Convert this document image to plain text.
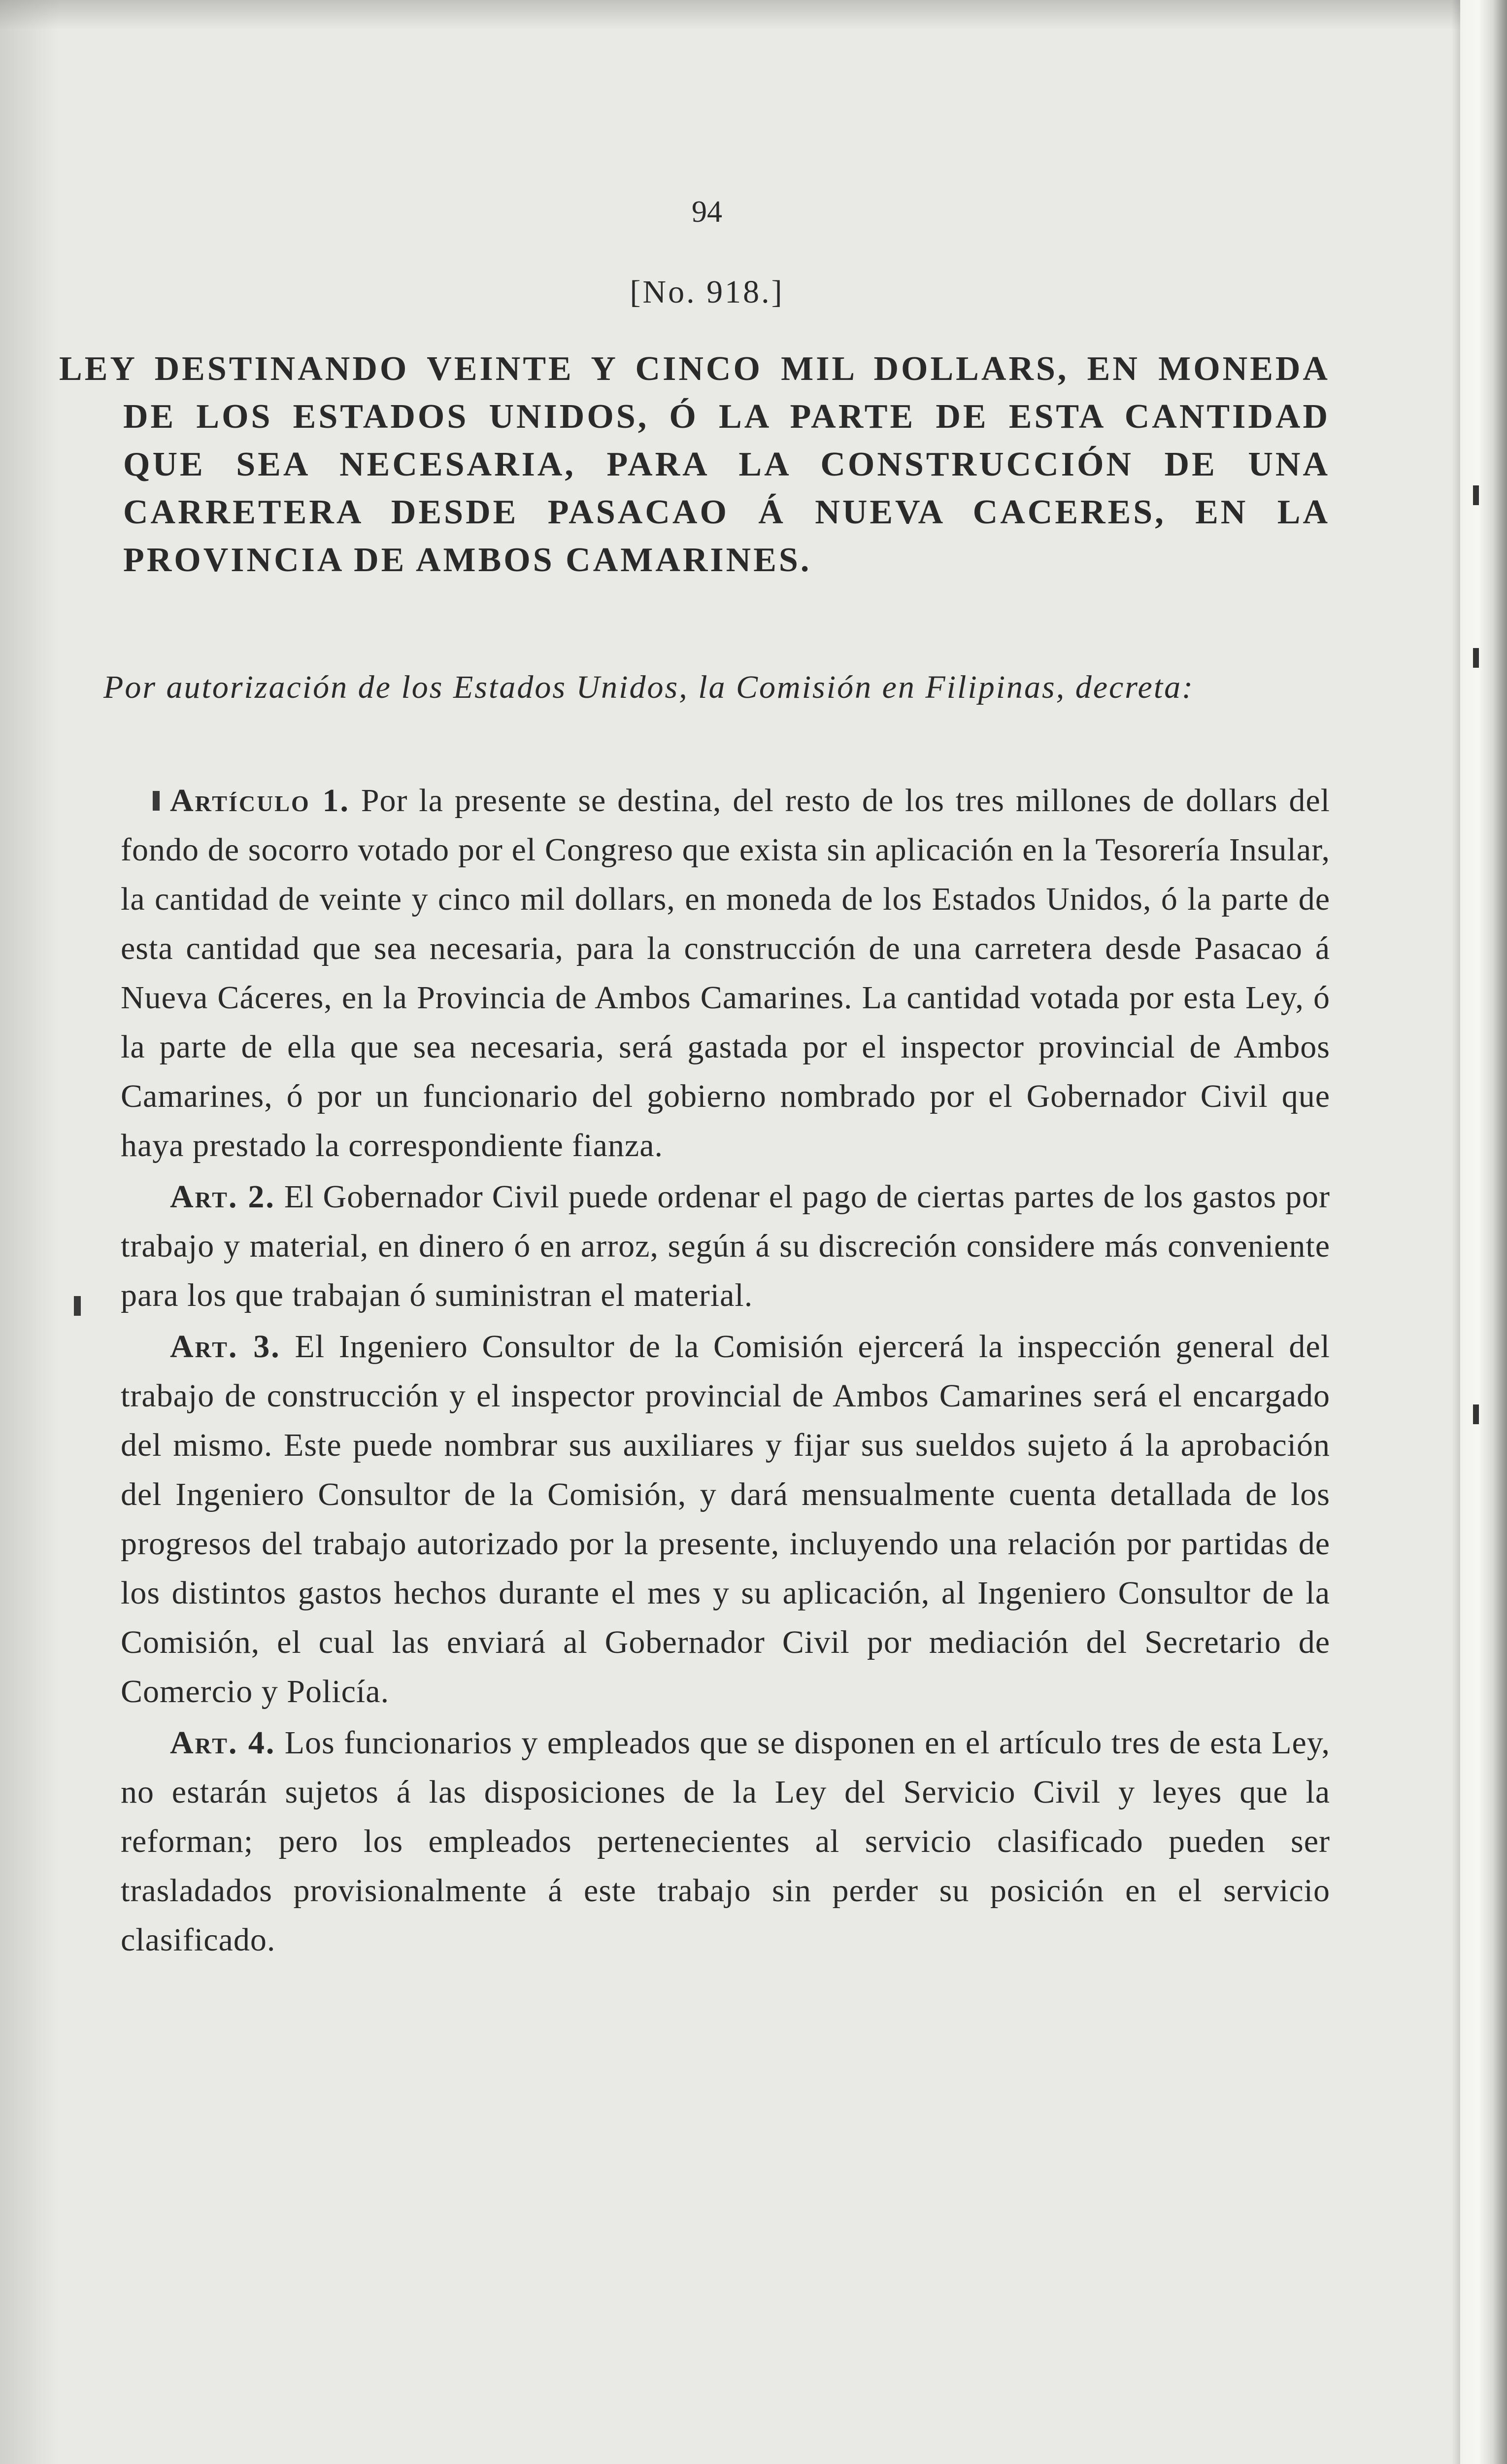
94
[No. 918.]
LEY DESTINANDO VEINTE Y CINCO MIL DOLLARS, EN MONEDA DE LOS ESTADOS UNIDOS, Ó LA PARTE DE ESTA CANTIDAD QUE SEA NECESARIA, PARA LA CONSTRUCCIÓN DE UNA CARRETERA DESDE PASACAO Á NUEVA CACERES, EN LA PROVINCIA DE AMBOS CAMARINES.
Por autorización de los Estados Unidos, la Comisión en Filipinas, decreta:

Artículo 1. Por la presente se destina, del resto de los tres millones de dollars del fondo de socorro votado por el Congreso que exista sin aplicación en la Tesorería Insular, la cantidad de veinte y cinco mil dollars, en moneda de los Estados Unidos, ó la parte de esta cantidad que sea necesaria, para la construcción de una carretera desde Pasacao á Nueva Cáceres, en la Provincia de Ambos Camarines. La cantidad votada por esta Ley, ó la parte de ella que sea necesaria, será gastada por el inspector provincial de Ambos Camarines, ó por un funcionario del gobierno nombrado por el Gobernador Civil que haya prestado la correspondiente fianza.

Art. 2. El Gobernador Civil puede ordenar el pago de ciertas partes de los gastos por trabajo y material, en dinero ó en arroz, según á su discreción considere más conveniente para los que trabajan ó suministran el material.

Art. 3. El Ingeniero Consultor de la Comisión ejercerá la inspección general del trabajo de construcción y el inspector provincial de Ambos Camarines será el encargado del mismo. Este puede nombrar sus auxiliares y fijar sus sueldos sujeto á la aprobación del Ingeniero Consultor de la Comisión, y dará mensualmente cuenta detallada de los progresos del trabajo autorizado por la presente, incluyendo una relación por partidas de los distintos gastos hechos durante el mes y su aplicación, al Ingeniero Consultor de la Comisión, el cual las enviará al Gobernador Civil por mediación del Secretario de Comercio y Policía.

Art. 4. Los funcionarios y empleados que se disponen en el artículo tres de esta Ley, no estarán sujetos á las disposiciones de la Ley del Servicio Civil y leyes que la reforman; pero los empleados pertenecientes al servicio clasificado pueden ser trasladados provisionalmente á este trabajo sin perder su posición en el servicio clasificado.
